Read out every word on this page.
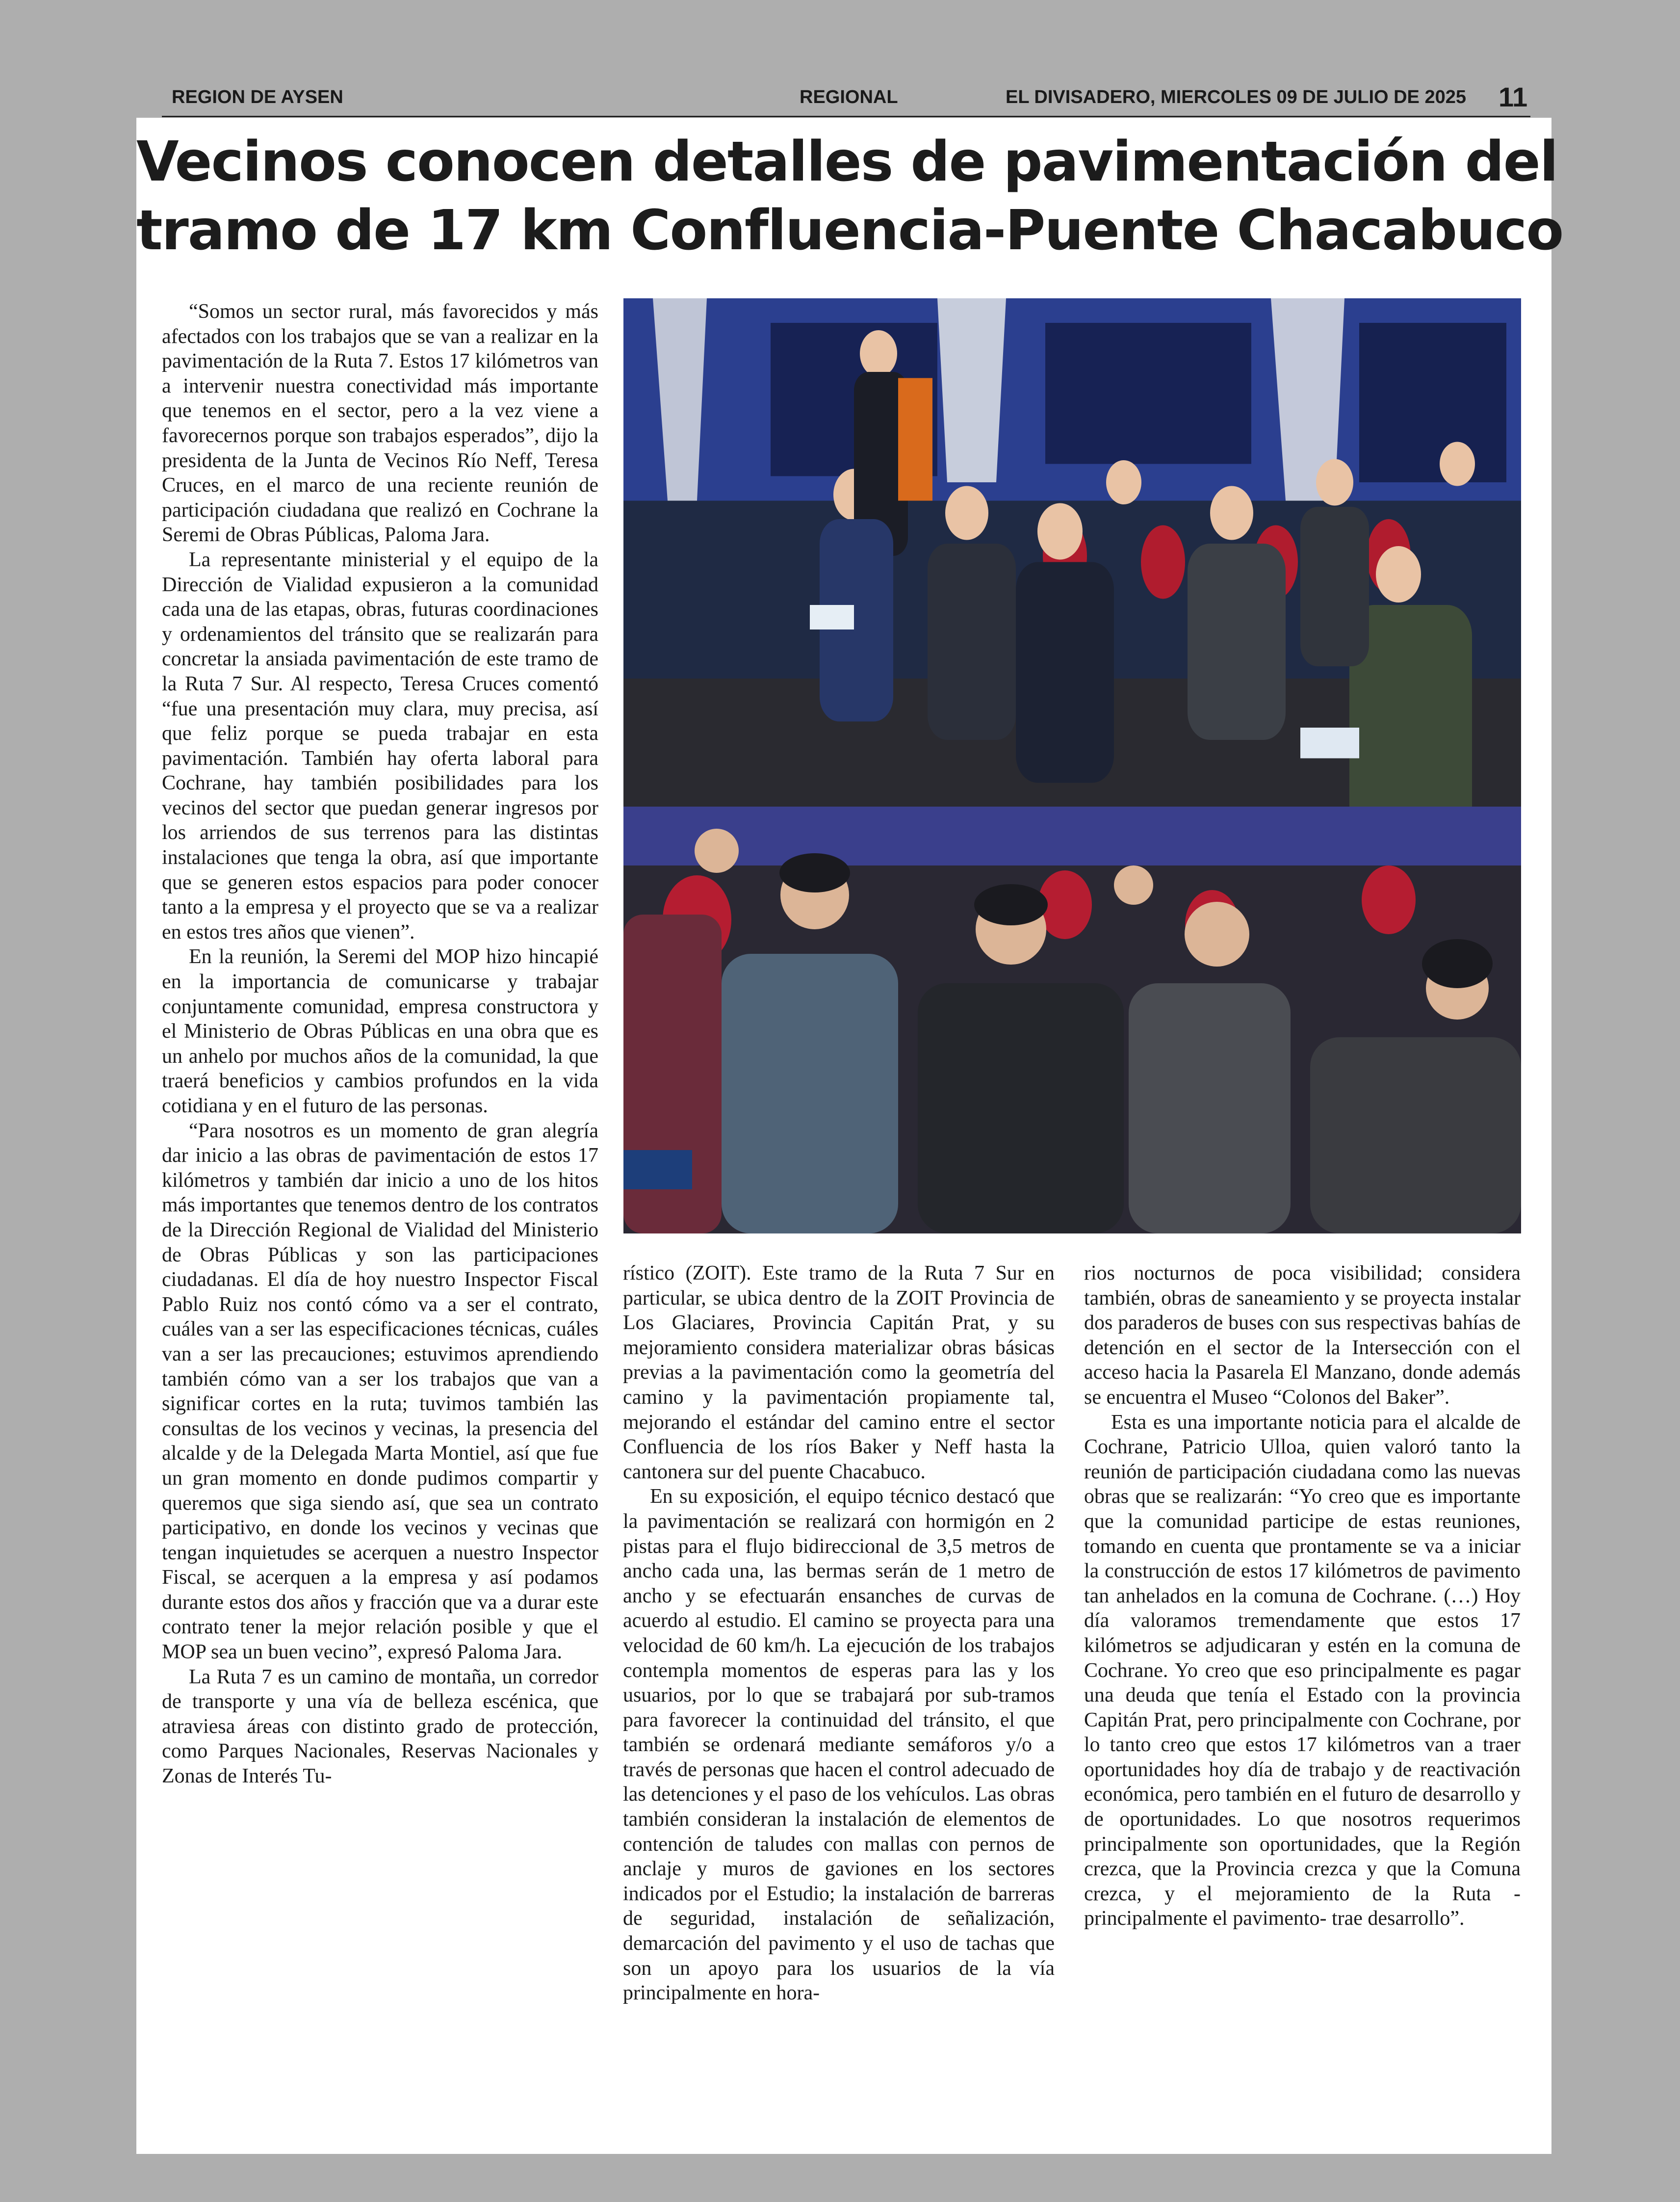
REGION DE AYSEN	REGIONAL	EL DIVISADERO, MIERCOLES 09 DE JULIO DE 2025 11
Vecinos conocen detalles de pavimentación del
tramo de 17 km Confluencia-Puente Chacabuco

“Somos un sector rural, más favorecidos y más afectados con los trabajos que se van a realizar en la pavimentación de la Ruta 7. Estos 17 kilómetros van a intervenir nuestra conectividad más importante que tenemos en el sector, pero a la vez viene a favorecernos porque son trabajos esperados”, dijo la presidenta de la Junta de Vecinos Río Neff, Teresa Cruces, en el marco de una reciente reunión de participación ciudadana que realizó en Cochrane la Seremi de Obras Públicas, Paloma Jara.

La representante ministerial y el equipo de la Dirección de Vialidad expusieron a la comunidad cada una de las etapas, obras, futuras coordinaciones y ordenamientos del tránsito que se realizarán para concretar la ansiada pavimentación de este tramo de la Ruta 7 Sur. Al respecto, Teresa Cruces comentó “fue una presentación muy clara, muy precisa, así que feliz porque se pueda trabajar en esta pavimentación. También hay oferta laboral para Cochrane, hay también posibilidades para los vecinos del sector que puedan generar ingresos por los arriendos de sus terrenos para las distintas instalaciones que tenga la obra, así que importante que se generen estos espacios para poder conocer tanto a la empresa y el proyecto que se va a realizar en estos tres años que vienen”.

En la reunión, la Seremi del MOP hizo hincapié en la importancia de comunicarse y trabajar conjuntamente comunidad, empresa constructora y el Ministerio de Obras Públicas en una obra que es un anhelo por muchos años de la comunidad, la que traerá beneficios y cambios profundos en la vida cotidiana y en el futuro de las personas.

“Para nosotros es un momento de gran alegría dar inicio a las obras de pavimentación de estos 17 kilómetros y también dar inicio a uno de los hitos más importantes que tenemos dentro de los contratos de la Dirección Regional de Vialidad del Ministerio de Obras Públicas y son las participaciones ciudadanas. El día de hoy nuestro Inspector Fiscal Pablo Ruiz nos contó cómo va a ser el contrato, cuáles van a ser las especificaciones técnicas, cuáles van a ser las precauciones; estuvimos aprendiendo también cómo van a ser los trabajos que van a significar cortes en la ruta; tuvimos también las consultas de los vecinos y vecinas, la presencia del alcalde y de la Delegada Marta Montiel, así que fue un gran momento en donde pudimos compartir y queremos que siga siendo así, que sea un contrato participativo, en donde los vecinos y vecinas que tengan inquietudes se acerquen a nuestro Inspector Fiscal, se acerquen a la empresa y así podamos durante estos dos años y fracción que va a durar este contrato tener la mejor relación posible y que el MOP sea un buen vecino”, expresó Paloma Jara.

La Ruta 7 es un camino de montaña, un corredor de transporte y una vía de belleza escénica, que atraviesa áreas con distinto grado de protección, como Parques Nacionales, Reservas Nacionales y Zonas de Interés Tu-

rístico (ZOIT). Este tramo de la Ruta 7 Sur en particular, se ubica dentro de la ZOIT Provincia de Los Glaciares, Provincia Capitán Prat, y su mejoramiento considera materializar obras básicas previas a la pavimentación como la geometría del camino y la pavimentación propiamente tal, mejorando el estándar del camino entre el sector Confluencia de los ríos Baker y Neff hasta la cantonera sur del puente Chacabuco.

En su exposición, el equipo técnico destacó que la pavimentación se realizará con hormigón en 2 pistas para el flujo bidireccional de 3,5 metros de ancho cada una, las bermas serán de 1 metro de ancho y se efectuarán ensanches de curvas de acuerdo al estudio. El camino se proyecta para una velocidad de 60 km/h. La ejecución de los trabajos contempla momentos de esperas para las y los usuarios, por lo que se trabajará por sub-tramos para favorecer la continuidad del tránsito, el que también se ordenará mediante semáforos y/o a través de personas que hacen el control adecuado de las detenciones y el paso de los vehículos. Las obras también consideran la instalación de elementos de contención de taludes con mallas con pernos de anclaje y muros de gaviones en los sectores indicados por el Estudio; la instalación de barreras de seguridad, instalación de señalización, demarcación del pavimento y el uso de tachas que son un apoyo para los usuarios de la vía principalmente en hora-

rios nocturnos de poca visibilidad; considera también, obras de saneamiento y se proyecta instalar dos paraderos de buses con sus respectivas bahías de detención en el sector de la Intersección con el acceso hacia la Pasarela El Manzano, donde además se encuentra el Museo “Colonos del Baker”.

Esta es una importante noticia para el alcalde de Cochrane, Patricio Ulloa, quien valoró tanto la reunión de participación ciudadana como las nuevas obras que se realizarán: “Yo creo que es importante que la comunidad participe de estas reuniones, tomando en cuenta que prontamente se va a iniciar la construcción de estos 17 kilómetros de pavimento tan anhelados en la comuna de Cochrane. (…) Hoy día valoramos tremendamente que estos 17 kilómetros se adjudicaran y estén en la comuna de Cochrane. Yo creo que eso principalmente es pagar una deuda que tenía el Estado con la provincia Capitán Prat, pero principalmente con Cochrane, por lo tanto creo que estos 17 kilómetros van a traer oportunidades hoy día de trabajo y de reactivación económica, pero también en el futuro de desarrollo y de oportunidades. Lo que nosotros requerimos principalmente son oportunidades, que la Región crezca, que la Provincia crezca y que la Comuna crezca, y el mejoramiento de la Ruta -principalmente el pavimento- trae desarrollo”.
